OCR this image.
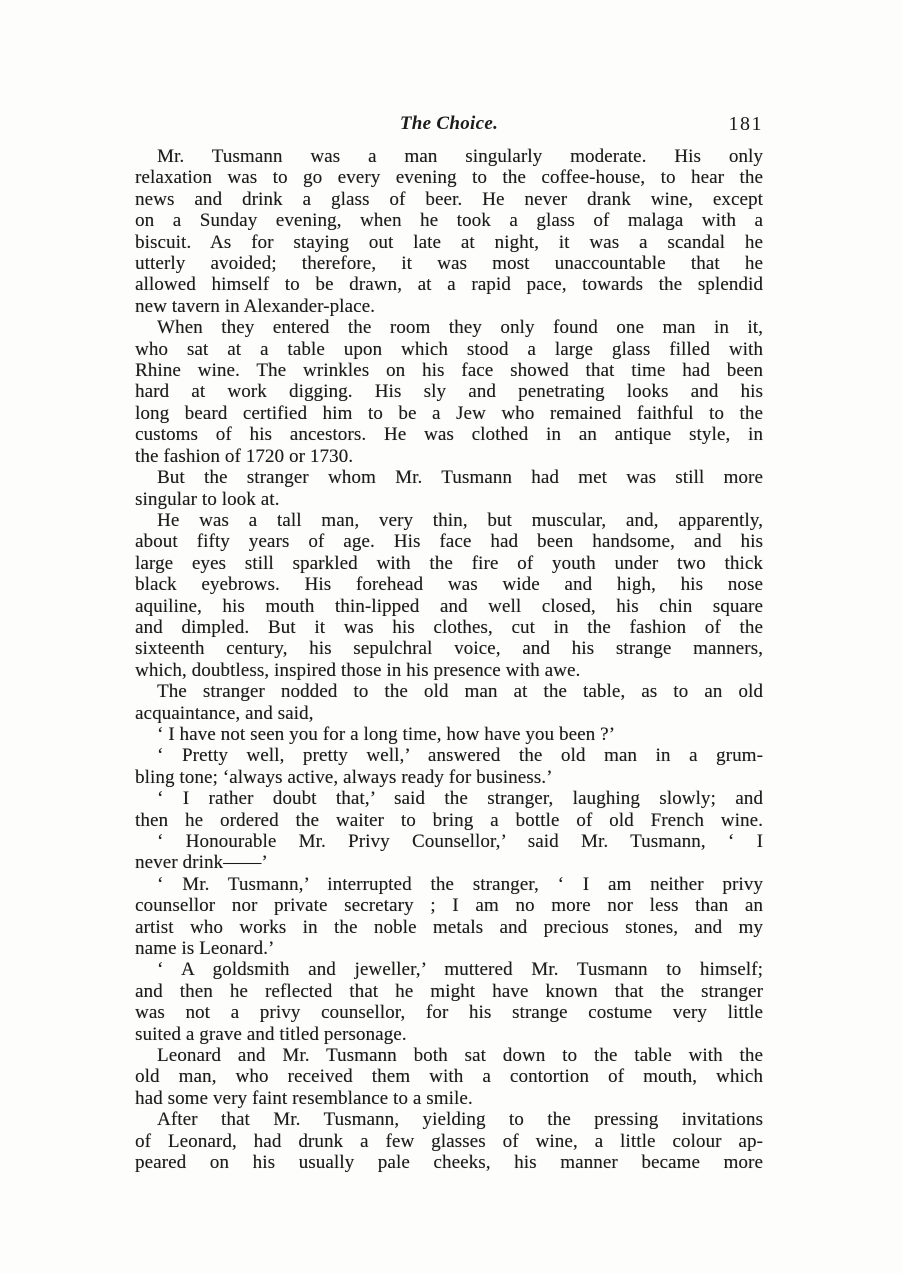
The Choice.	181

Mr. Tusmann was a man singularly moderate. His only
relaxation was to go every evening to the coffee-house, to hear the
news and drink a glass of beer. He never drank wine, except
on a Sunday evening, when he took a glass of malaga with a
biscuit. As for staying out late at night, it was a scandal he
utterly avoided; therefore, it was most unaccountable that he
allowed himself to be drawn, at a rapid pace, towards the splendid
new tavern in Alexander-place.

When they entered the room they only found one man in it,
who sat at a table upon which stood a large glass filled with
Rhine wine. The wrinkles on his face showed that time had been
hard at work digging. His sly and penetrating looks and his
long beard certified him to be a Jew who remained faithful to the
customs of his ancestors. He was clothed in an antique style, in
the fashion of 1720 or 1730.

But the stranger whom Mr. Tusmann had met was still more
singular to look at.

He was a tall man, very thin, but muscular, and, apparently,
about fifty years of age. His face had been handsome, and his
large eyes still sparkled with the fire of youth under two thick
black eyebrows. His forehead was wide and high, his nose
aquiline, his mouth thin-lipped and well closed, his chin square
and dimpled. But it was his clothes, cut in the fashion of the
sixteenth century, his sepulchral voice, and his strange manners,
which, doubtless, inspired those in his presence with awe.

The stranger nodded to the old man at the table, as to an old
acquaintance, and said,

‘ I have not seen you for a long time, how have you been ?’

‘ Pretty well, pretty well,’ answered the old man in a grum-
bling tone; ‘always active, always ready for business.’

‘ I rather doubt that,’ said the stranger, laughing slowly; and
then he ordered the waiter to bring a bottle of old French wine.

‘ Honourable Mr. Privy Counsellor,’ said Mr. Tusmann, ‘ I
never drink——’

‘ Mr. Tusmann,’ interrupted the stranger, ‘ I am neither privy
counsellor nor private secretary ; I am no more nor less than an
artist who works in the noble metals and precious stones, and my
name is Leonard.’

‘ A goldsmith and jeweller,’ muttered Mr. Tusmann to himself;
and then he reflected that he might have known that the stranger
was not a privy counsellor, for his strange costume very little
suited a grave and titled personage.

Leonard and Mr. Tusmann both sat down to the table with the
old man, who received them with a contortion of mouth, which
had some very faint resemblance to a smile.

After that Mr. Tusmann, yielding to the pressing invitations
of Leonard, had drunk a few glasses of wine, a little colour ap-
peared on his usually pale cheeks, his manner became more
